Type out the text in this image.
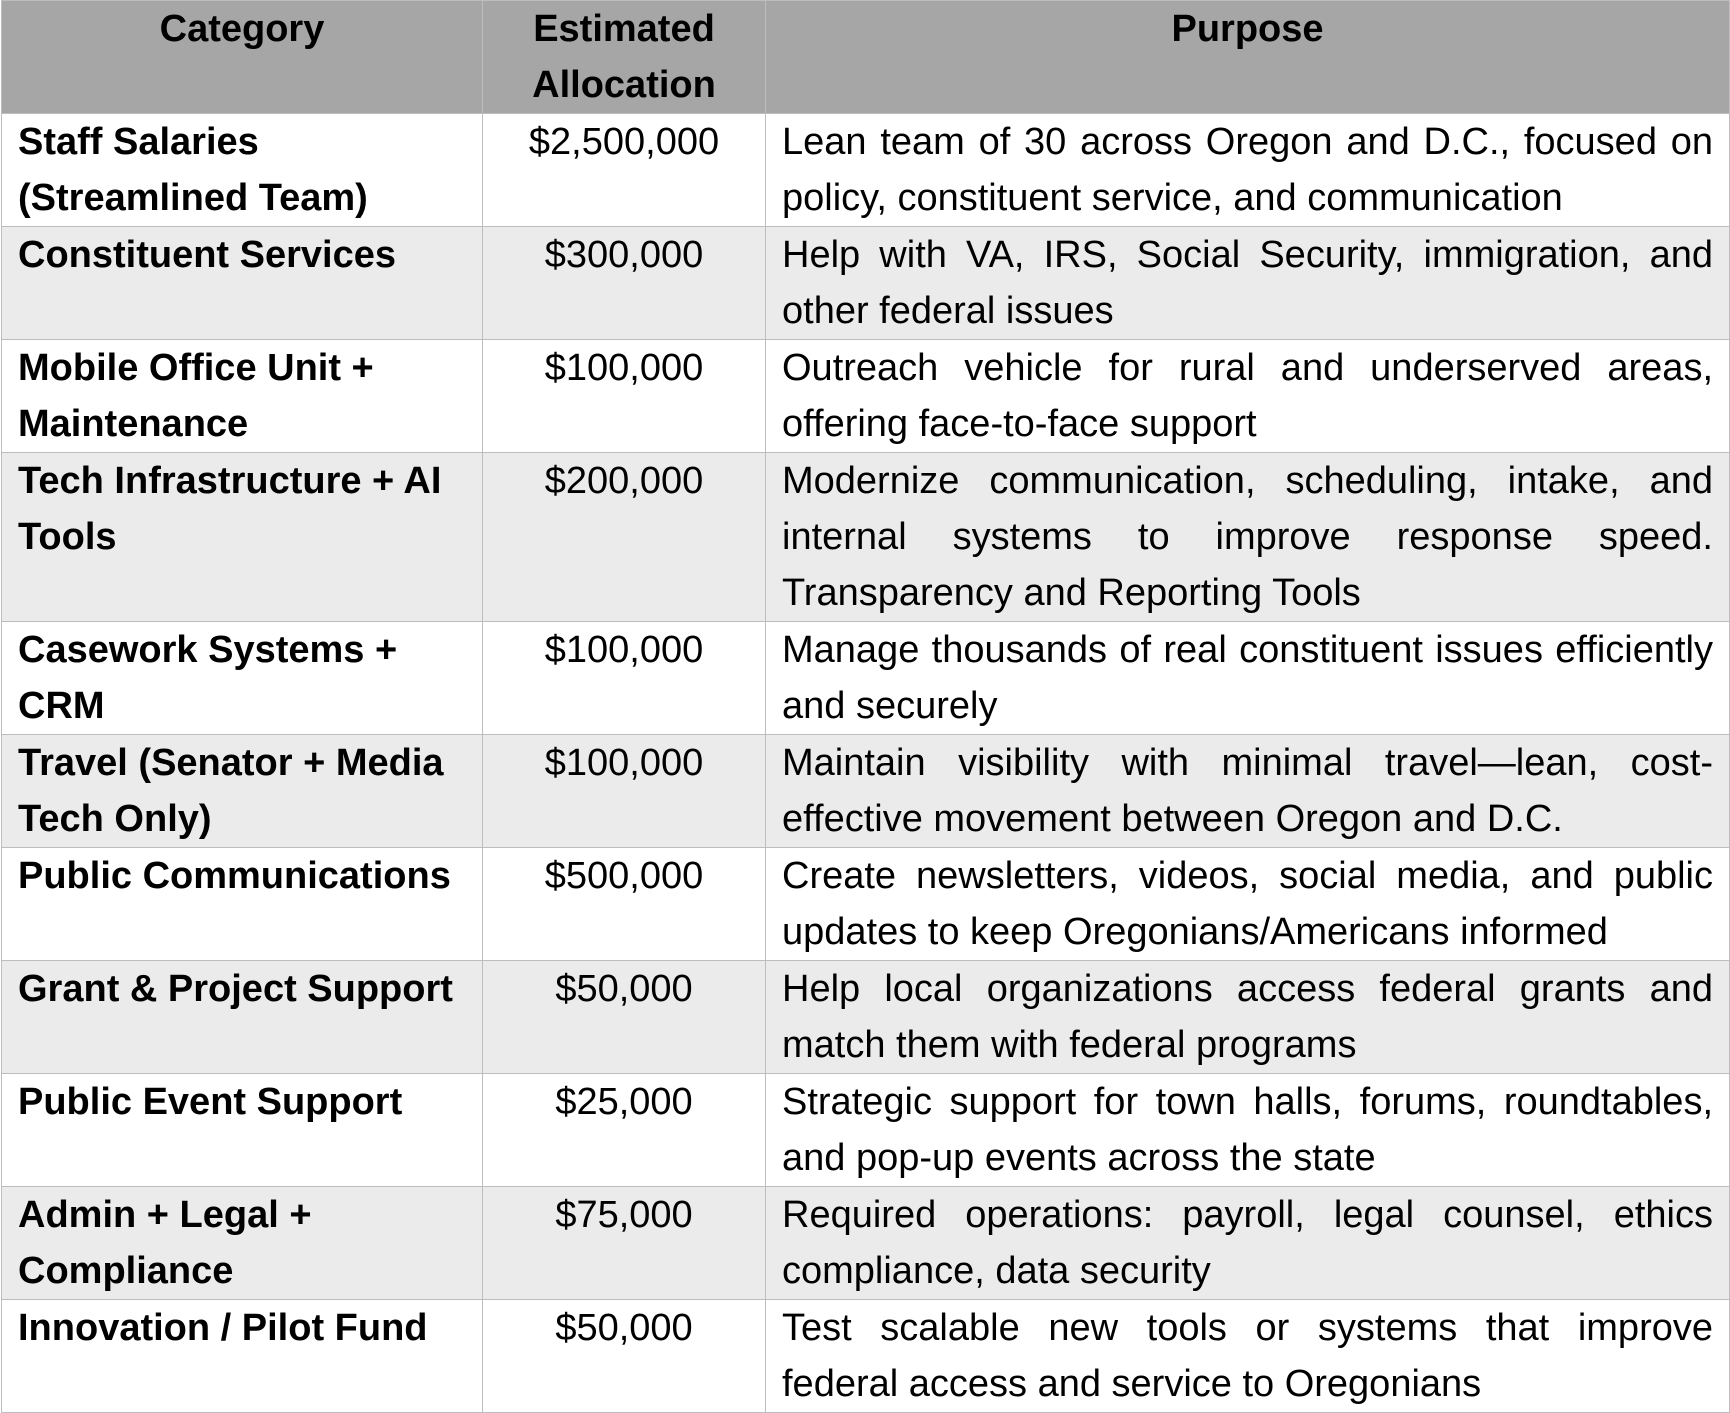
Category	Estimated Allocation	Purpose
Staff Salaries (Streamlined Team)	$2,500,000	Lean team of 30 across Oregon and D.C., focused on policy, constituent service, and communication
Constituent Services	$300,000	Help with VA, IRS, Social Security, immigration, and other federal issues
Mobile Office Unit + Maintenance	$100,000	Outreach vehicle for rural and underserved areas, offering face-to-face support
Tech Infrastructure + AI Tools	$200,000	Modernize communication, scheduling, intake, and internal systems to improve response speed. Transparency and Reporting Tools
Casework Systems + CRM	$100,000	Manage thousands of real constituent issues efficiently and securely
Travel (Senator + Media Tech Only)	$100,000	Maintain visibility with minimal travel—lean, cost-effective movement between Oregon and D.C.
Public Communications	$500,000	Create newsletters, videos, social media, and public updates to keep Oregonians/Americans informed
Grant & Project Support	$50,000	Help local organizations access federal grants and match them with federal programs
Public Event Support	$25,000	Strategic support for town halls, forums, roundtables, and pop-up events across the state
Admin + Legal + Compliance	$75,000	Required operations: payroll, legal counsel, ethics compliance, data security
Innovation / Pilot Fund	$50,000	Test scalable new tools or systems that improve federal access and service to Oregonians
